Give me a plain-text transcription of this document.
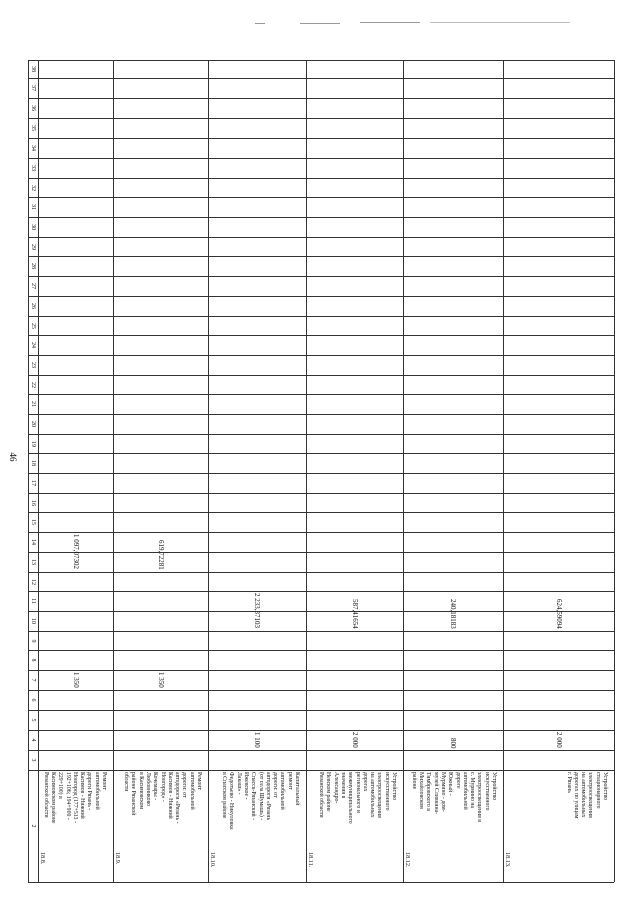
46
38
37
36
35
34
33
32
31
30
29
28
27
26
25
24
23
22
21
20
19
18
17
16
15
14
13
12
11
10
9
8
7
6
5
4
3
2
18.8.
Ремонт
автомобильной
дороги Рязань -
Касимов - Нижний
Новгород (177+513 -
192+106; 194+900 -
229+100) в
Касимовском районе
Рязанской области
1 350
1 097,07302
18.9.
Ремонт
автомобильной
дороги: от
автодороги «Рязань -
Касимов - Нижний
Новгород» -
Кочемары -
Любовниково
в Касимовском
районе Рязанской
области
1 350
619,72281
18.10.
Капитальный
ремонт
автомобильной
дороги: от
автодороги «Рязань
(от села Шумашь) -
Спасск-Рязанский -
Ижевское -
Лакаш» -
Федотьево - Никуловка
в Спасском районе
1 100
2 233,37103
18.11.
Устройство
искусственного
электроосвещения
на автомобильных
дорогах
регионального и
межмуниципального
значения в
Александро-
Невском районе
Рязанской области
2 000
587,41654
18.12.
Устройство
искусственного
электроосвещения в
с. Мурмино на
автомобильной
дороге
Южный -
Мурмино - дом-
музей Сливкина-
Тимбровского в
Михайловском
районе
800
240,18183
18.13.
Устройство
стационарного
электроосвещения
на автомобильных
дорогах по улицам
г. Рязань
2 000
624,59094
